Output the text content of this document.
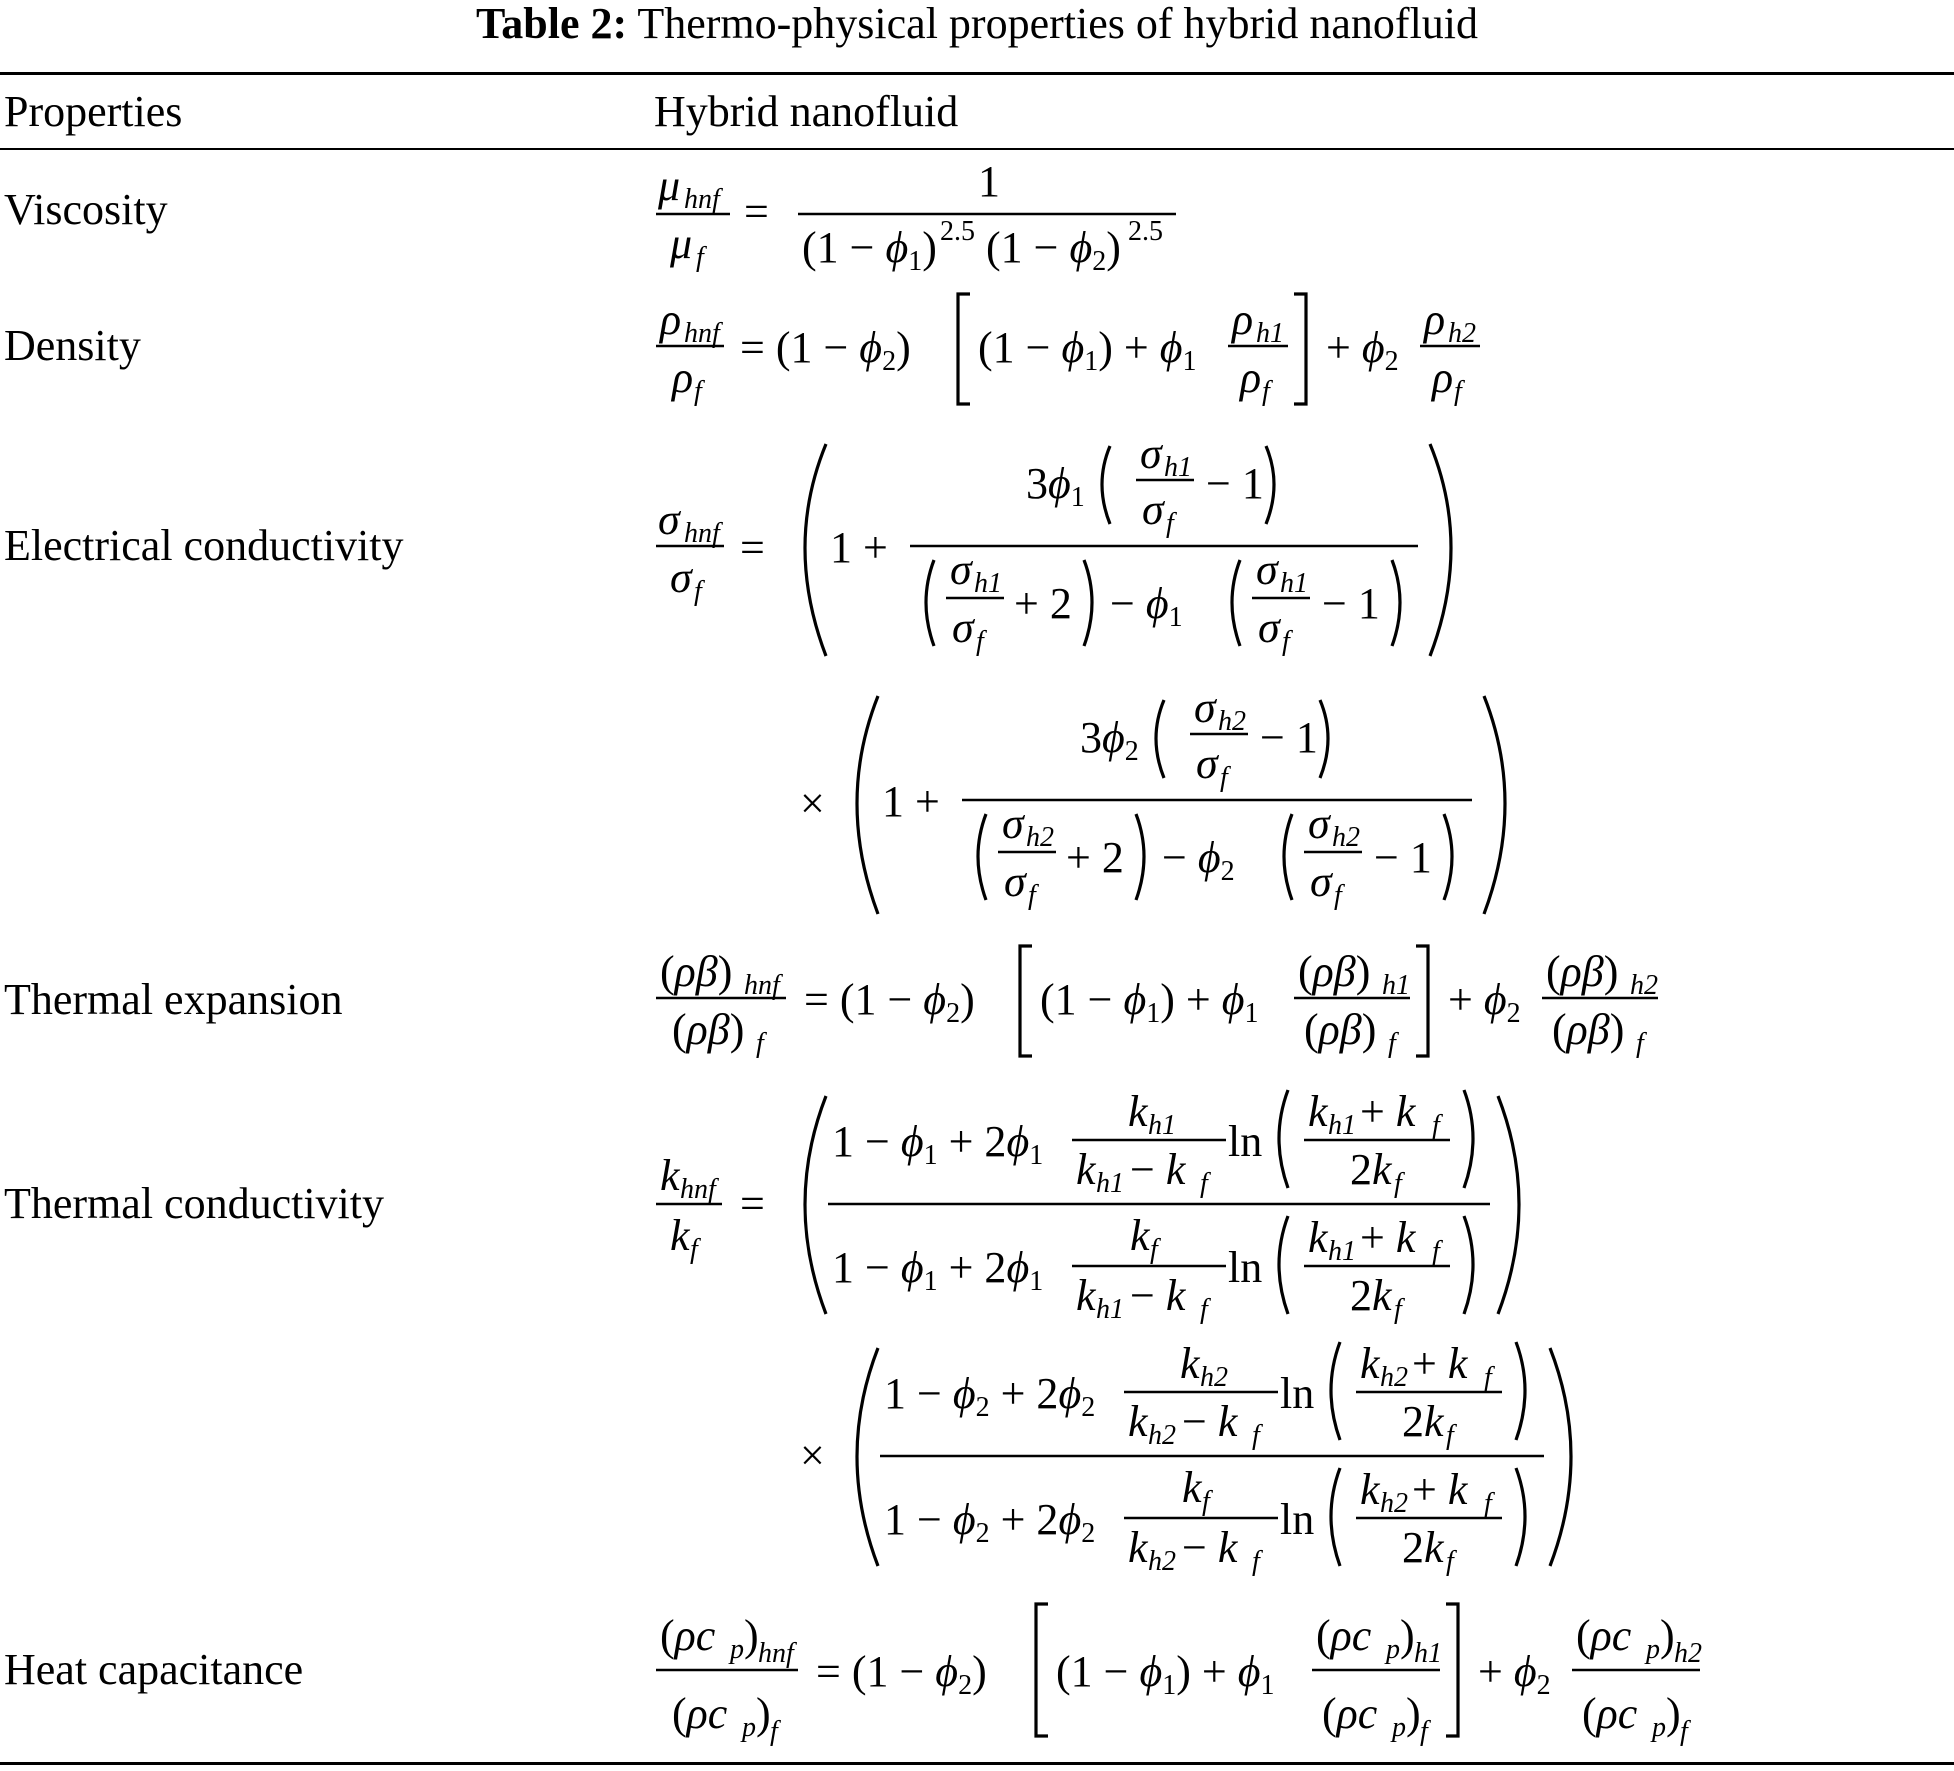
Table 2: Thermo-physical properties of hybrid nanofluid
Properties	Hybrid nanofluid
Viscosity
Density
Electrical conductivity
Thermal expansion
Thermal conductivity
Heat capacitance
μ hnf
μ f
=
1
(1 − ϕ1) 2.5 (1 − ϕ2) 2.5
ρ hnf
ρ f
= (1 − ϕ2) (1 − ϕ1) + ϕ1
ρ h1
ρ f
+ ϕ2
ρ h2
ρ f
σ hnf
σ f
= 1 +
3ϕ1
σ h1
σ f
− 1
σ h1
σ f
+ 2 − ϕ1
σ h1
σ f
− 1
× 1 +
3ϕ2
σ h2
σ f
− 1
σ h2
σ f
+ 2 − ϕ2
σ h2
σ f
− 1
(ρβ) hnf
(ρβ) f
= (1 − ϕ2) (1 − ϕ1) + ϕ1
(ρβ) h1
(ρβ) f
+ ϕ2
(ρβ) h2
(ρβ) f
k hnf
k f
=
1 − ϕ1 + 2ϕ1
k h1
k h1 − k f
ln
k h1 + k f
2k f
1 − ϕ1 + 2ϕ1
k f
k h1 − k f
ln
k h1 + k f
2k f
×
1 − ϕ2 + 2ϕ2
k h2
k h2 − k f
ln
k h2 + k f
2k f
1 − ϕ2 + 2ϕ2
k f
k h2 − k f
ln
k h2 + k f
2k f
(ρc p ) hnf
(ρc p ) f
= (1 − ϕ2) (1 − ϕ1) + ϕ1
(ρc p ) h1
(ρc p ) f
+ ϕ2
(ρc p ) h2
(ρc p ) f
